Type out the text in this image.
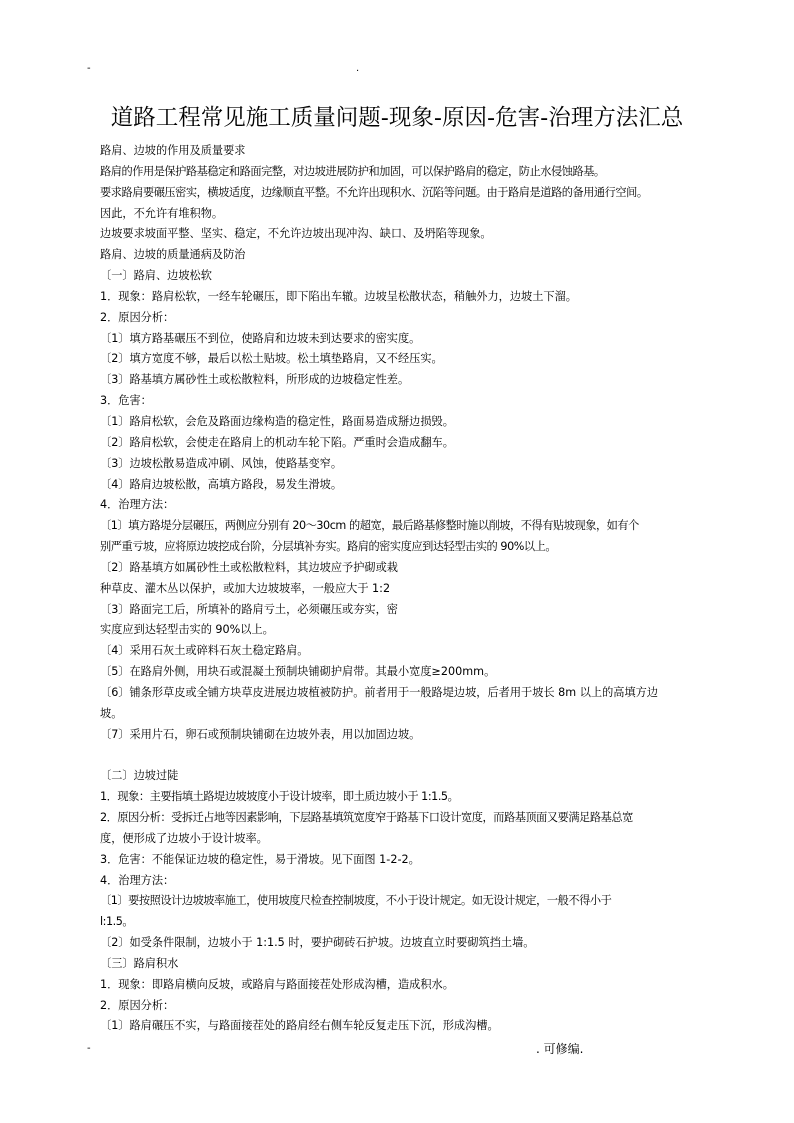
-	.
道路工程常见施工质量问题-现象-原因-危害-治理方法汇总
路肩、边坡的作用及质量要求
路肩的作用是保护路基稳定和路面完整，对边坡进展防护和加固，可以保护路肩的稳定，防止水侵蚀路基。
要求路肩要碾压密实，横坡适度，边缘顺直平整。不允许出现积水、沉陷等问题。由于路肩是道路的备用通行空间。
因此，不允许有堆积物。
边坡要求坡面平整、坚实、稳定，不允许边坡出现冲沟、缺口、及坍陷等现象。
路肩、边坡的质量通病及防治
〔一〕路肩、边坡松软
1．现象：路肩松软，一经车轮碾压，即下陷出车辙。边坡呈松散状态，稍触外力，边坡土下溜。
2．原因分析：
〔1〕填方路基碾压不到位，使路肩和边坡未到达要求的密实度。
〔2〕填方宽度不够，最后以松土贴坡。松土填垫路肩，又不经压实。
〔3〕路基填方属砂性土或松散粒料，所形成的边坡稳定性差。
3．危害：
〔1〕路肩松软，会危及路面边缘构造的稳定性，路面易造成掰边损毁。
〔2〕路肩松软，会使走在路肩上的机动车轮下陷。严重时会造成翻车。
〔3〕边坡松散易造成冲刷、风蚀，使路基变窄。
〔4〕路肩边坡松散，高填方路段，易发生滑坡。
4．治理方法：
〔1〕填方路堤分层碾压，两侧应分别有 20～30cm 的超宽，最后路基修整时施以削坡，不得有贴坡现象，如有个
别严重亏坡，应将原边坡挖成台阶，分层填补夯实。路肩的密实度应到达轻型击实的 90%以上。
〔2〕路基填方如属砂性土或松散粒料，其边坡应予护砌或栽
种草皮、灌木丛以保护，或加大边坡坡率，一般应大于 1:2
〔3〕路面完工后，所填补的路肩亏土，必须碾压或夯实，密
实度应到达轻型击实的 90%以上。
〔4〕采用石灰土或碎料石灰土稳定路肩。
〔5〕在路肩外侧，用块石或混凝土预制块铺砌护肩带。其最小宽度≥200mm。
〔6〕铺条形草皮或全铺方块草皮进展边坡植被防护。前者用于一般路堤边坡，后者用于坡长 8m 以上的高填方边
坡。
〔7〕采用片石，卵石或预制块铺砌在边坡外表，用以加固边坡。
〔二〕边坡过陡
1．现象：主要指填土路堤边坡坡度小于设计坡率，即土质边坡小于 1:1.5。
2．原因分析：受拆迁占地等因素影响，下层路基填筑宽度窄于路基下口设计宽度，而路基顶面又要满足路基总宽
度，便形成了边坡小于设计坡率。
3．危害：不能保证边坡的稳定性，易于滑坡。见下面图 1-2-2。
4．治理方法：
〔1〕要按照设计边坡坡率施工，使用坡度尺检查控制坡度，不小于设计规定。如无设计规定，一般不得小于
l:1.5。
〔2〕如受条件限制，边坡小于 1:1.5 时，要护砌砖石护坡。边坡直立时要砌筑挡土墙。
〔三〕路肩积水
1．现象：即路肩横向反坡，或路肩与路面接茬处形成沟槽，造成积水。
2．原因分析：
〔1〕路肩碾压不实，与路面接茬处的路肩经右侧车轮反复走压下沉，形成沟槽。
-	. 可修编.
